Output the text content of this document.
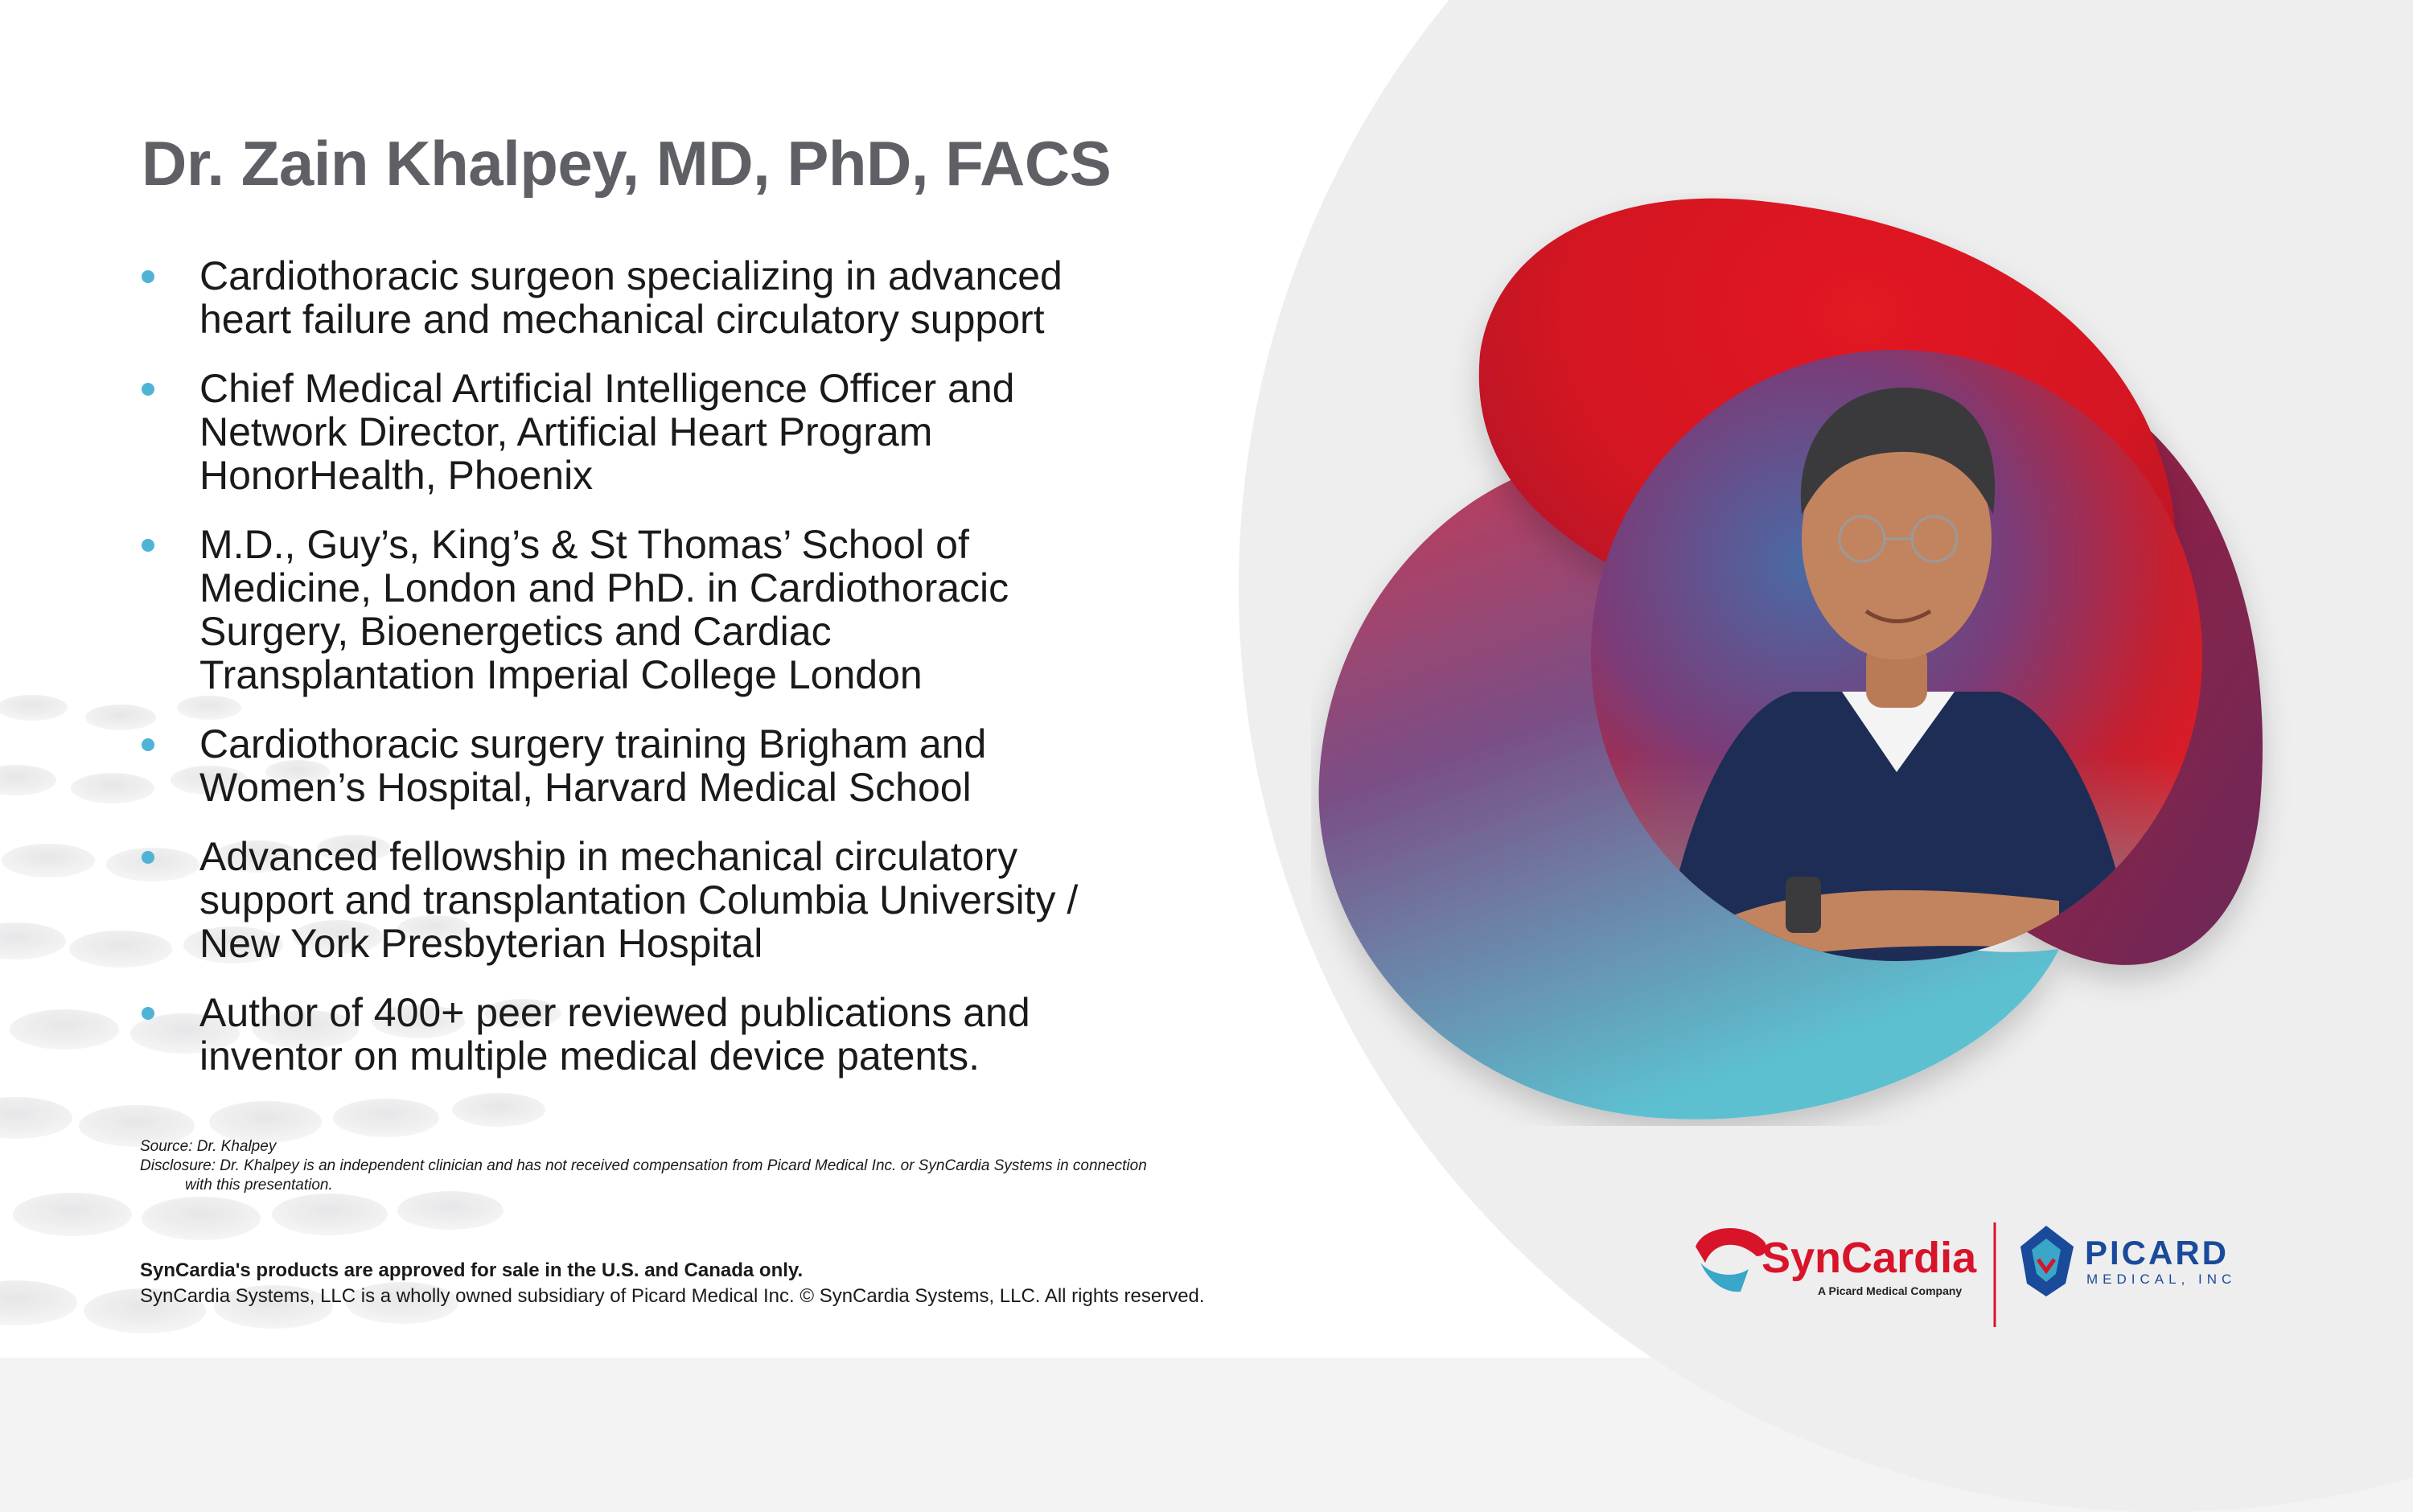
Dr. Zain Khalpey, MD, PhD, FACS
Cardiothoracic surgeon specializing in advanced
heart failure and mechanical circulatory support
Chief Medical Artificial Intelligence Officer and
Network Director, Artificial Heart Program
HonorHealth, Phoenix
M.D., Guy’s, King’s & St Thomas’ School of
Medicine, London and PhD. in Cardiothoracic
Surgery, Bioenergetics and Cardiac
Transplantation Imperial College London
Cardiothoracic surgery training Brigham and
Women’s Hospital, Harvard Medical School
Advanced fellowship in mechanical circulatory
support and transplantation Columbia University /
New York Presbyterian Hospital
Author of 400+ peer reviewed publications and
inventor on multiple medical device patents.
Source: Dr. Khalpey
Disclosure: Dr. Khalpey is an independent clinician and has not received compensation from Picard Medical Inc. or SynCardia Systems in connection
with this presentation.
SynCardia's products are approved for sale in the U.S. and Canada only.
SynCardia Systems, LLC is a wholly owned subsidiary of Picard Medical Inc. © SynCardia Systems, LLC. All rights reserved.
SynCardia
A Picard Medical Company
PICARD
MEDICAL, INC
